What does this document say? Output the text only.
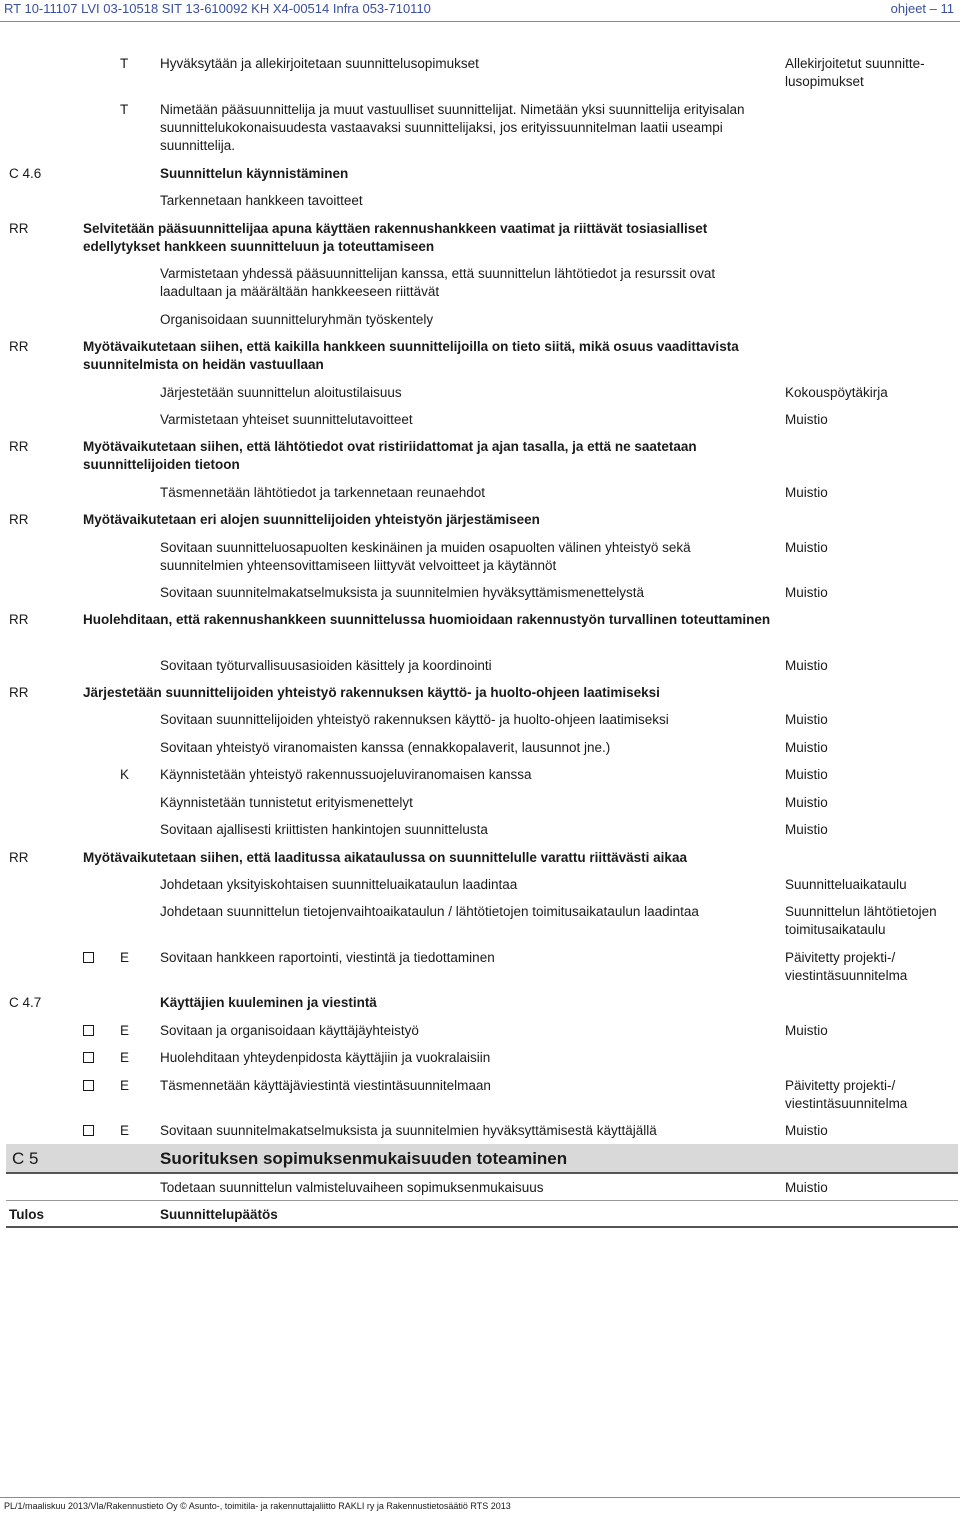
RT 10-11107 LVI 03-10518 SIT 13-610092 KH X4-00514 Infra 053-710110	ohjeet – 11
T Hyväksytään ja allekirjoitetaan suunnittelusopimukset	Allekirjoitetut suunnitte-
lusopimukset
T Nimetään pääsuunnittelija ja muut vastuulliset suunnittelijat. Nimetään yksi suunnittelija erityisalan suunnittelukokonaisuudesta vastaavaksi suunnittelijaksi, jos erityissuunnitelman laatii useampi suunnittelija.
C 4.6	Suunnittelun käynnistäminen
Tarkennetaan hankkeen tavoitteet
RR	Selvitetään pääsuunnittelijaa apuna käyttäen rakennushankkeen vaatimat ja riittävät tosiasialliset edellytykset hankkeen suunnitteluun ja toteuttamiseen
Varmistetaan yhdessä pääsuunnittelijan kanssa, että suunnittelun lähtötiedot ja resurssit ovat laadultaan ja määrältään hankkeeseen riittävät
Organisoidaan suunnitteluryhmän työskentely
RR	Myötävaikutetaan siihen, että kaikilla hankkeen suunnittelijoilla on tieto siitä, mikä osuus vaadittavista suunnitelmista on heidän vastuullaan
Järjestetään suunnittelun aloitustilaisuus	Kokouspöytäkirja
Varmistetaan yhteiset suunnittelutavoitteet	Muistio
RR	Myötävaikutetaan siihen, että lähtötiedot ovat ristiriidattomat ja ajan tasalla, ja että ne saatetaan suunnittelijoiden tietoon
Täsmennetään lähtötiedot ja tarkennetaan reunaehdot	Muistio
RR	Myötävaikutetaan eri alojen suunnittelijoiden yhteistyön järjestämiseen
Sovitaan suunnitteluosapuolten keskinäinen ja muiden osapuolten välinen yhteistyö sekä suunnitelmien yhteensovittamiseen liittyvät velvoitteet ja käytännöt
Muistio
Sovitaan suunnitelmakatselmuksista ja suunnitelmien hyväksyttämismenettelystä	Muistio
RR	Huolehditaan, että rakennushankkeen suunnittelussa huomioidaan rakennustyön turvallinen toteuttaminen
Sovitaan työturvallisuusasioiden käsittely ja koordinointi	Muistio
RR	Järjestetään suunnittelijoiden yhteistyö rakennuksen käyttö- ja huolto-ohjeen laatimiseksi
Sovitaan suunnittelijoiden yhteistyö rakennuksen käyttö- ja huolto-ohjeen laatimiseksi	Muistio
Sovitaan yhteistyö viranomaisten kanssa (ennakkopalaverit, lausunnot jne.)	Muistio
K Käynnistetään yhteistyö rakennussuojeluviranomaisen kanssa	Muistio
Käynnistetään tunnistetut erityismenettelyt	Muistio
Sovitaan ajallisesti kriittisten hankintojen suunnittelusta	Muistio
RR	Myötävaikutetaan siihen, että laaditussa aikataulussa on suunnittelulle varattu riittävästi aikaa
Johdetaan yksityiskohtaisen suunnitteluaikataulun laadintaa	Suunnitteluaikataulu
Johdetaan suunnittelun tietojenvaihtoaikataulun / lähtötietojen toimitusaikataulun laadintaa	Suunnittelun lähtötietojen toimitusaikataulu
E Sovitaan hankkeen raportointi, viestintä ja tiedottaminen	Päivitetty projekti-/ viestintäsuunnitelma
C 4.7	Käyttäjien kuuleminen ja viestintä
E Sovitaan ja organisoidaan käyttäjäyhteistyö	Muistio
E Huolehditaan yhteydenpidosta käyttäjiin ja vuokralaisiin
E Täsmennetään käyttäjäviestintä viestintäsuunnitelmaan	Päivitetty projekti-/ viestintäsuunnitelma
E Sovitaan suunnitelmakatselmuksista ja suunnitelmien hyväksyttämisestä käyttäjällä	Muistio
C 5	Suorituksen sopimuksenmukaisuuden toteaminen
Todetaan suunnittelun valmisteluvaiheen sopimuksenmukaisuus	Muistio
Tulos	Suunnittelupäätös
PL/1/maaliskuu 2013/Vla/Rakennustieto Oy © Asunto-, toimitila- ja rakennuttajaliitto RAKLI ry ja Rakennustietosäätiö RTS 2013
